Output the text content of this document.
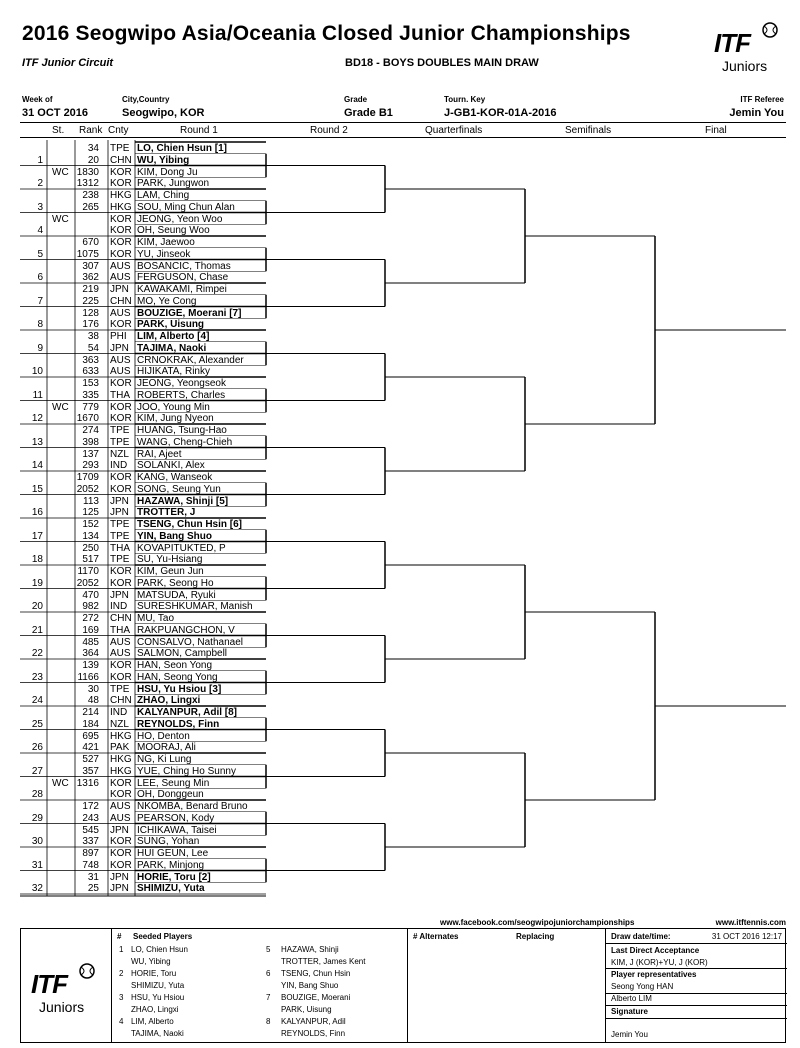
2016 Seogwipo Asia/Oceania Closed Junior Championships
ITF Junior Circuit	BD18 - BOYS DOUBLES MAIN DRAW
ITF
Juniors
Week of
31 OCT 2016
City,Country
Seogwipo, KOR
Grade
Grade B1
Tourn. Key
J-GB1-KOR-01A-2016
ITF Referee
Jemin You
St. Rank Cnty	Round 1	Round 2	Quarterfinals	Semifinals	Final
1
34 TPE LO, Chien Hsun [1]
20 CHN WU, Yibing
2
WC 1830 KOR KIM, Dong Ju
1312 KOR PARK, Jungwon
3
238 HKG LAM, Ching
265 HKG SOU, Ming Chun Alan
4
WC	KOR JEONG, Yeon Woo
KOR OH, Seung Woo
5
670 KOR KIM, Jaewoo
1075 KOR YU, Jinseok
6
307 AUS BOSANCIC, Thomas
362 AUS FERGUSON, Chase
7
219 JPN KAWAKAMI, Rimpei
225 CHN MO, Ye Cong
8
128 AUS BOUZIGE, Moerani [7]
176 KOR PARK, Uisung
9
38 PHI LIM, Alberto [4]
54 JPN TAJIMA, Naoki
10
363 AUS CRNOKRAK, Alexander
633 AUS HIJIKATA, Rinky
11
153 KOR JEONG, Yeongseok
335 THA ROBERTS, Charles
12
WC	779 KOR JOO, Young Min
1670 KOR KIM, Jung Nyeon
13
274 TPE HUANG, Tsung-Hao
398 TPE WANG, Cheng-Chieh
14
137 NZL RAI, Ajeet
293 IND SOLANKI, Alex
15
1709 KOR KANG, Wanseok
2052 KOR SONG, Seung Yun
16
113 JPN HAZAWA, Shinji [5]
125 JPN TROTTER, J
17
152 TPE TSENG, Chun Hsin [6]
134 TPE YIN, Bang Shuo
18
250 THA KOVAPITUKTED, P
517 TPE SU, Yu-Hsiang
19
1170 KOR KIM, Geun Jun
2052 KOR PARK, Seong Ho
20
470 JPN MATSUDA, Ryuki
982 IND SURESHKUMAR, Manish
21
272 CHN MU, Tao
169 THA RAKPUANGCHON, V
22
485 AUS CONSALVO, Nathanael
364 AUS SALMON, Campbell
23
139 KOR HAN, Seon Yong
1166 KOR HAN, Seong Yong
24
30 TPE HSU, Yu Hsiou [3]
48 CHN ZHAO, Lingxi
25
214 IND KALYANPUR, Adil [8]
184 NZL REYNOLDS, Finn
26
695 HKG HO, Denton
421 PAK MOORAJ, Ali
27
527 HKG NG, Ki Lung
357 HKG YUE, Ching Ho Sunny
28
WC 1316 KOR LEE, Seung Min
KOR OH, Donggeun
29
172 AUS NKOMBA, Benard Bruno
243 AUS PEARSON, Kody
30
545 JPN ICHIKAWA, Taisei
337 KOR SUNG, Yohan
31
897 KOR HUI GEUN, Lee
748 KOR PARK, Minjong
32
31 JPN HORIE, Toru [2]
25 JPN SHIMIZU, Yuta
www.facebook.com/seogwipojuniorchampionships	www.itftennis.com
ITF
Juniors
# Seeded Players
1 LO, Chien Hsun
WU, Yibing
2 HORIE, Toru
SHIMIZU, Yuta
3 HSU, Yu Hsiou
ZHAO, Lingxi
4 LIM, Alberto
TAJIMA, Naoki
5 HAZAWA, Shinji
TROTTER, James Kent
6 TSENG, Chun Hsin
YIN, Bang Shuo
7 BOUZIGE, Moerani
PARK, Uisung
8 KALYANPUR, Adil
REYNOLDS, Finn
# Alternates	Replacing	Draw date/time:	31 OCT 2016 12:17
Last Direct Acceptance
KIM, J (KOR)+YU, J (KOR)
Player representatives
Seong Yong HAN
Alberto LIM
Signature
Jemin You
